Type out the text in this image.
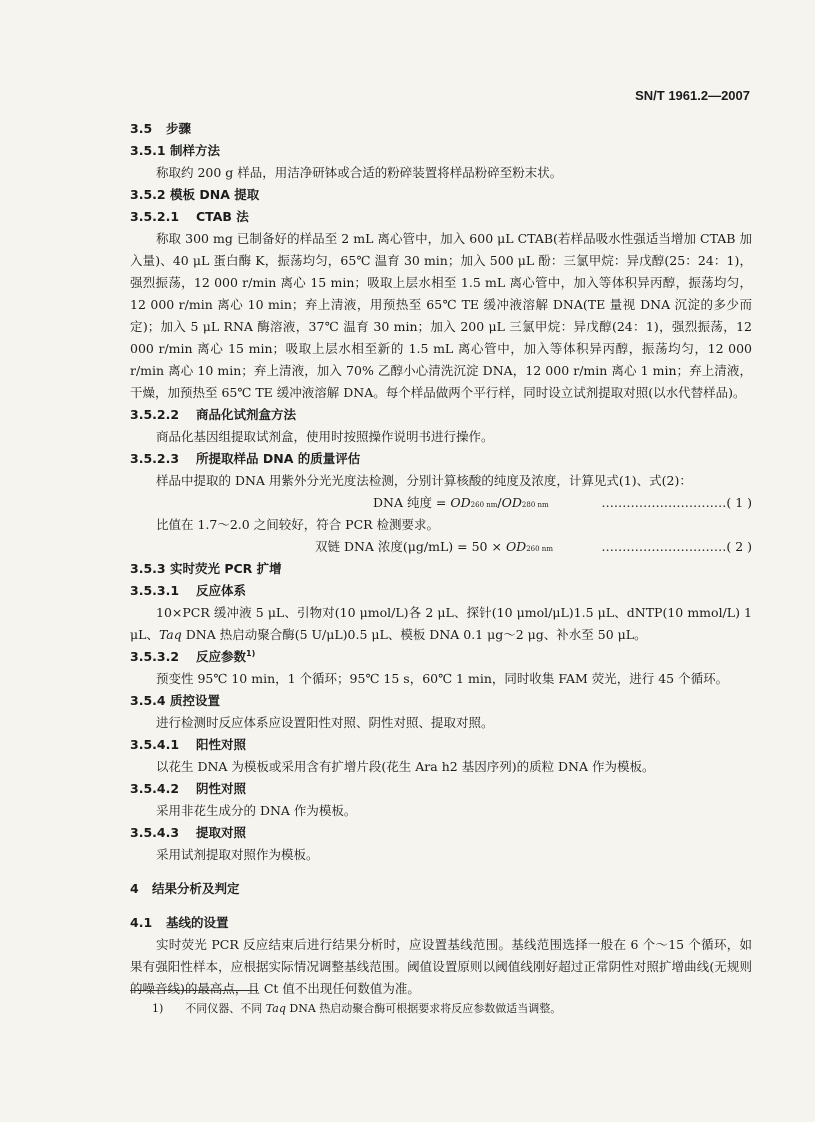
SN/T 1961.2—2007
3.5 步骤
3.5.1 制样方法
称取约 200 g 样品，用洁净研钵或合适的粉碎装置将样品粉碎至粉末状。
3.5.2 模板 DNA 提取
3.5.2.1 CTAB 法
称取 300 mg 已制备好的样品至 2 mL 离心管中，加入 600 μL CTAB(若样品吸水性强适当增加 CTAB 加入量)、40 μL 蛋白酶 K，振荡均匀，65℃ 温育 30 min；加入 500 μL 酚：三氯甲烷：异戊醇(25：24：1)，强烈振荡，12 000 r/min 离心 15 min；吸取上层水相至 1.5 mL 离心管中，加入等体积异丙醇，振荡均匀，12 000 r/min 离心 10 min；弃上清液，用预热至 65℃ TE 缓冲液溶解 DNA(TE 量视 DNA 沉淀的多少而定)；加入 5 μL RNA 酶溶液，37℃ 温育 30 min；加入 200 μL 三氯甲烷：异戊醇(24：1)，强烈振荡，12 000 r/min 离心 15 min；吸取上层水相至新的 1.5 mL 离心管中，加入等体积异丙醇，振荡均匀，12 000 r/min 离心 10 min；弃上清液，加入 70% 乙醇小心清洗沉淀 DNA，12 000 r/min 离心 1 min；弃上清液，干燥，加预热至 65℃ TE 缓冲液溶解 DNA。每个样品做两个平行样，同时设立试剂提取对照(以水代替样品)。
3.5.2.2 商品化试剂盒方法
商品化基因组提取试剂盒，使用时按照操作说明书进行操作。
3.5.2.3 所提取样品 DNA 的质量评估
样品中提取的 DNA 用紫外分光光度法检测，分别计算核酸的纯度及浓度，计算见式(1)、式(2)：
DNA 纯度 = OD260 nm/OD280 nm	…………………………( 1 )
比值在 1.7～2.0 之间较好，符合 PCR 检测要求。
双链 DNA 浓度(μg/mL) = 50 × OD260 nm	…………………………( 2 )
3.5.3 实时荧光 PCR 扩增
3.5.3.1 反应体系
10×PCR 缓冲液 5 μL、引物对(10 μmol/L)各 2 μL、探针(10 μmol/μL)1.5 μL、dNTP(10 mmol/L) 1 μL、Taq DNA 热启动聚合酶(5 U/μL)0.5 μL、模板 DNA 0.1 μg～2 μg、补水至 50 μL。
3.5.3.2 反应参数$^{1)}$
预变性 95℃ 10 min，1 个循环；95℃ 15 s，60℃ 1 min，同时收集 FAM 荧光，进行 45 个循环。
3.5.4 质控设置
进行检测时反应体系应设置阳性对照、阴性对照、提取对照。
3.5.4.1 阳性对照
以花生 DNA 为模板或采用含有扩增片段(花生 Ara h2 基因序列)的质粒 DNA 作为模板。
3.5.4.2 阴性对照
采用非花生成分的 DNA 作为模板。
3.5.4.3 提取对照
采用试剂提取对照作为模板。
4 结果分析及判定
4.1 基线的设置
实时荧光 PCR 反应结束后进行结果分析时，应设置基线范围。基线范围选择一般在 6 个～15 个循环，如果有强阳性样本，应根据实际情况调整基线范围。阈值设置原则以阈值线刚好超过正常阴性对照扩增曲线(无规则的噪音线)的最高点，且 Ct 值不出现任何数值为准。
1) 不同仪器、不同 Taq DNA 热启动聚合酶可根据要求将反应参数做适当调整。
